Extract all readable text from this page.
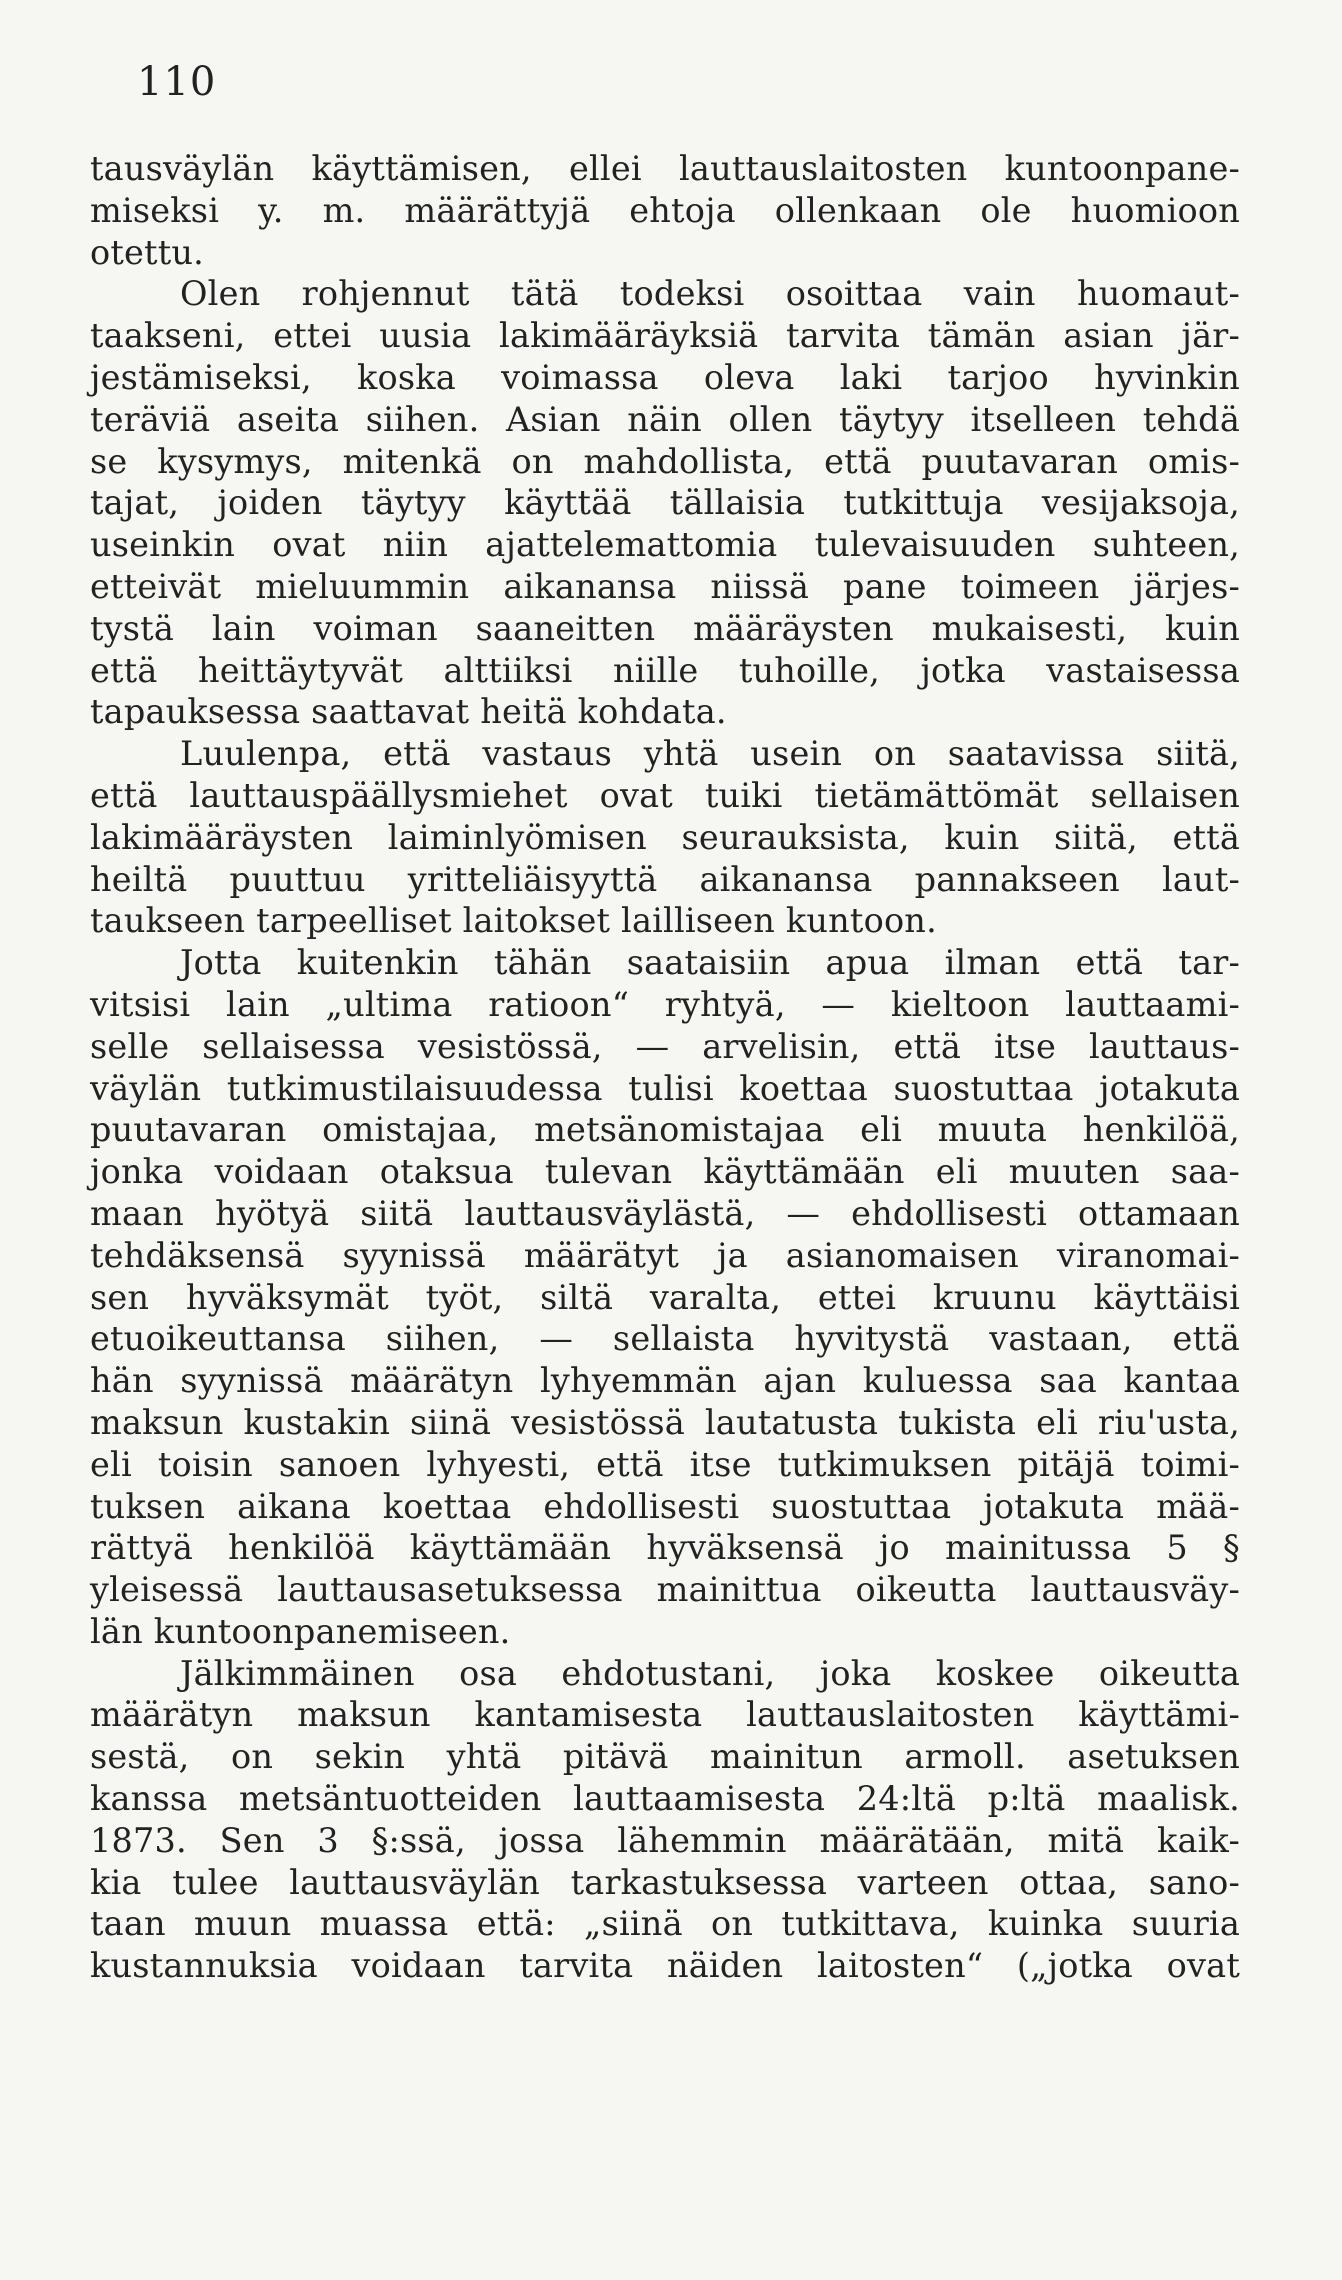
110
tausväylän käyttämisen, ellei lauttauslaitosten kuntoonpane-
miseksi y. m. määrättyjä ehtoja ollenkaan ole huomioon
otettu.
Olen rohjennut tätä todeksi osoittaa vain huomaut-
taakseni, ettei uusia lakimääräyksiä tarvita tämän asian jär-
jestämiseksi, koska voimassa oleva laki tarjoo hyvinkin
teräviä aseita siihen. Asian näin ollen täytyy itselleen tehdä
se kysymys, mitenkä on mahdollista, että puutavaran omis-
tajat, joiden täytyy käyttää tällaisia tutkittuja vesijaksoja,
useinkin ovat niin ajattelemattomia tulevaisuuden suhteen,
etteivät mieluummin aikanansa niissä pane toimeen järjes-
tystä lain voiman saaneitten määräysten mukaisesti, kuin
että heittäytyvät alttiiksi niille tuhoille, jotka vastaisessa
tapauksessa saattavat heitä kohdata.
Luulenpa, että vastaus yhtä usein on saatavissa siitä,
että lauttauspäällysmiehet ovat tuiki tietämättömät sellaisen
lakimääräysten laiminlyömisen seurauksista, kuin siitä, että
heiltä puuttuu yritteliäisyyttä aikanansa pannakseen laut-
taukseen tarpeelliset laitokset lailliseen kuntoon.
Jotta kuitenkin tähän saataisiin apua ilman että tar-
vitsisi lain „ultima ratioon“ ryhtyä, — kieltoon lauttaami-
selle sellaisessa vesistössä, — arvelisin, että itse lauttaus-
väylän tutkimustilaisuudessa tulisi koettaa suostuttaa jotakuta
puutavaran omistajaa, metsänomistajaa eli muuta henkilöä,
jonka voidaan otaksua tulevan käyttämään eli muuten saa-
maan hyötyä siitä lauttausväylästä, — ehdollisesti ottamaan
tehdäksensä syynissä määrätyt ja asianomaisen viranomai-
sen hyväksymät työt, siltä varalta, ettei kruunu käyttäisi
etuoikeuttansa siihen, — sellaista hyvitystä vastaan, että
hän syynissä määrätyn lyhyemmän ajan kuluessa saa kantaa
maksun kustakin siinä vesistössä lautatusta tukista eli riu'usta,
eli toisin sanoen lyhyesti, että itse tutkimuksen pitäjä toimi-
tuksen aikana koettaa ehdollisesti suostuttaa jotakuta mää-
rättyä henkilöä käyttämään hyväksensä jo mainitussa 5 §
yleisessä lauttausasetuksessa mainittua oikeutta lauttausväy-
län kuntoonpanemiseen.
Jälkimmäinen osa ehdotustani, joka koskee oikeutta
määrätyn maksun kantamisesta lauttauslaitosten käyttämi-
sestä, on sekin yhtä pitävä mainitun armoll. asetuksen
kanssa metsäntuotteiden lauttaamisesta 24:ltä p:ltä maalisk.
1873. Sen 3 §:ssä, jossa lähemmin määrätään, mitä kaik-
kia tulee lauttausväylän tarkastuksessa varteen ottaa, sano-
taan muun muassa että: „siinä on tutkittava, kuinka suuria
kustannuksia voidaan tarvita näiden laitosten“ („jotka ovat
